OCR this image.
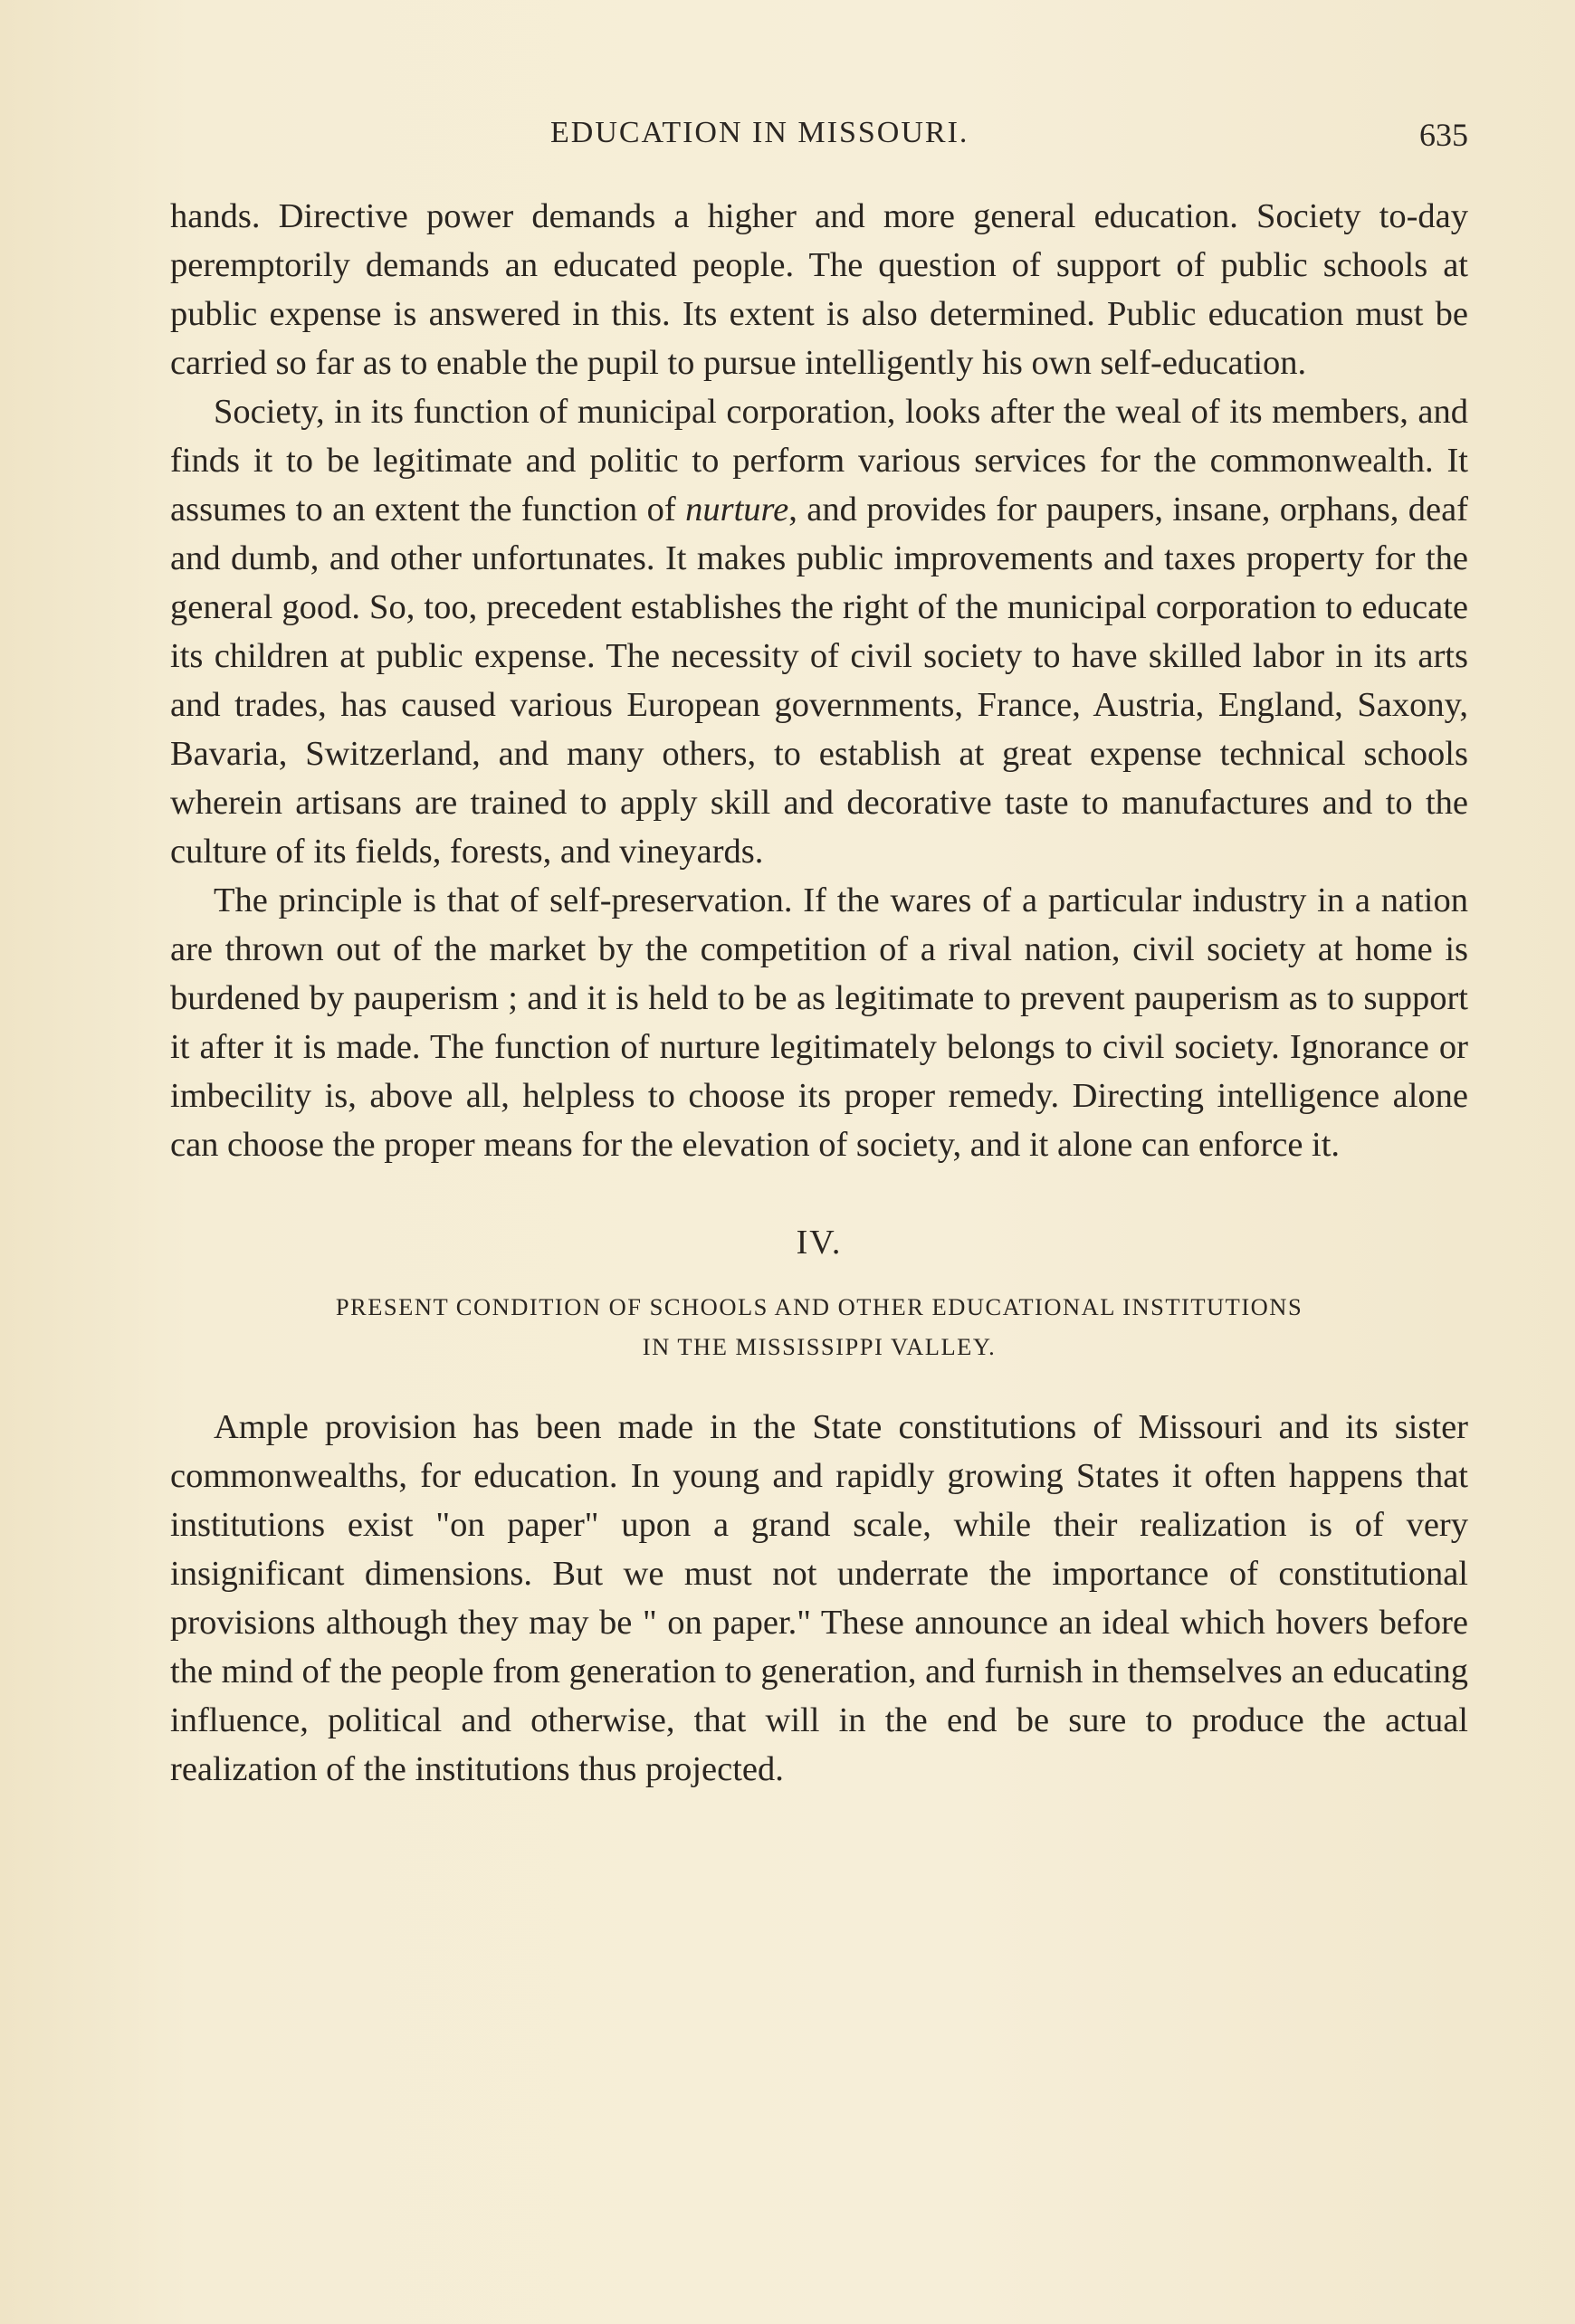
EDUCATION IN MISSOURI.	635

hands. Directive power demands a higher and more general education. Society to-day peremptorily demands an educated people. The question of support of public schools at public expense is answered in this. Its extent is also determined. Public education must be carried so far as to enable the pupil to pursue intelligently his own self-education.

Society, in its function of municipal corporation, looks after the weal of its members, and finds it to be legitimate and politic to perform various services for the commonwealth. It assumes to an extent the function of nurture, and provides for paupers, insane, orphans, deaf and dumb, and other unfortunates. It makes public improvements and taxes property for the general good. So, too, precedent establishes the right of the municipal corporation to educate its children at public expense. The necessity of civil society to have skilled labor in its arts and trades, has caused various European governments, France, Austria, England, Saxony, Bavaria, Switzerland, and many others, to establish at great expense technical schools wherein artisans are trained to apply skill and decorative taste to manufactures and to the culture of its fields, forests, and vineyards.

The principle is that of self-preservation. If the wares of a particular industry in a nation are thrown out of the market by the competition of a rival nation, civil society at home is burdened by pauperism ; and it is held to be as legitimate to prevent pauperism as to support it after it is made. The function of nurture legitimately belongs to civil society. Ignorance or imbecility is, above all, helpless to choose its proper remedy. Directing intelligence alone can choose the proper means for the elevation of society, and it alone can enforce it.

IV.
PRESENT CONDITION OF SCHOOLS AND OTHER EDUCATIONAL INSTITUTIONS
IN THE MISSISSIPPI VALLEY.

Ample provision has been made in the State constitutions of Missouri and its sister commonwealths, for education. In young and rapidly growing States it often happens that institutions exist "on paper" upon a grand scale, while their realization is of very insignificant dimensions. But we must not underrate the importance of constitutional provisions although they may be " on paper." These announce an ideal which hovers before the mind of the people from generation to generation, and furnish in themselves an educating influence, political and otherwise, that will in the end be sure to produce the actual realization of the institutions thus projected.
